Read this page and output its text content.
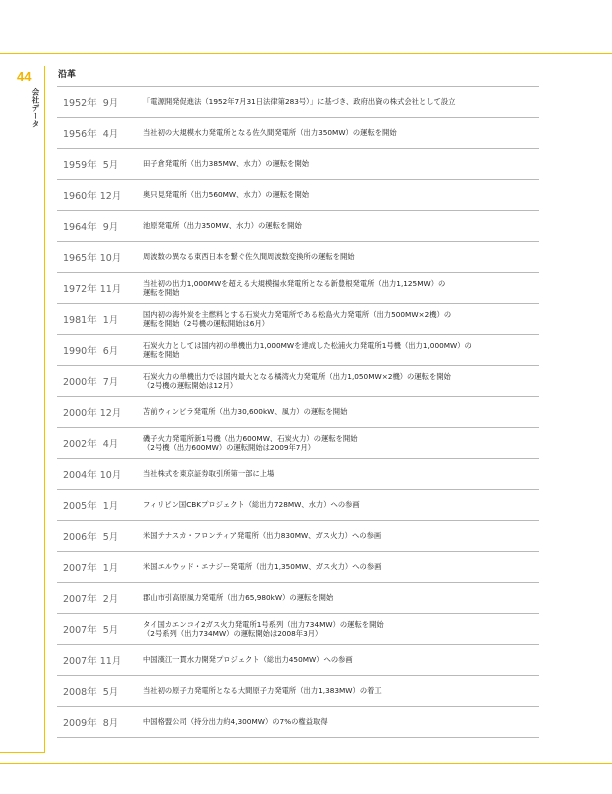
44

会社データ
沿革
1952年  9月	「電源開発促進法（1952年7月31日法律第283号）」に基づき、政府出資の株式会社として設立
1956年  4月	当社初の大規模水力発電所となる佐久間発電所（出力350MW）の運転を開始
1959年  5月	田子倉発電所（出力385MW、水力）の運転を開始
1960年 12月	奥只見発電所（出力560MW、水力）の運転を開始
1964年  9月	池原発電所（出力350MW、水力）の運転を開始
1965年 10月	周波数の異なる東西日本を繋ぐ佐久間周波数変換所の運転を開始
1972年 11月	当社初の出力1,000MWを超える大規模揚水発電所となる新豊根発電所（出力1,125MW）の
運転を開始
1981年  1月	国内初の海外炭を主燃料とする石炭火力発電所である松島火力発電所（出力500MW×2機）の
運転を開始（2号機の運転開始は6月）
1990年  6月	石炭火力としては国内初の単機出力1,000MWを達成した松浦火力発電所1号機（出力1,000MW）の
運転を開始
2000年  7月	石炭火力の単機出力では国内最大となる橘湾火力発電所（出力1,050MW×2機）の運転を開始
（2号機の運転開始は12月）
2000年 12月	苫前ウィンビラ発電所（出力30,600kW、風力）の運転を開始
2002年  4月	磯子火力発電所新1号機（出力600MW、石炭火力）の運転を開始
（2号機（出力600MW）の運転開始は2009年7月）
2004年 10月	当社株式を東京証券取引所第一部に上場
2005年  1月	フィリピン国CBKプロジェクト（総出力728MW、水力）への参画
2006年  5月	米国テナスカ・フロンティア発電所（出力830MW、ガス火力）への参画
2007年  1月	米国エルウッド・エナジー発電所（出力1,350MW、ガス火力）への参画
2007年  2月	郡山市引高原風力発電所（出力65,980kW）の運転を開始
2007年  5月	タイ国カエンコイ2ガス火力発電所1号系列（出力734MW）の運転を開始
（2号系列（出力734MW）の運転開始は2008年3月）
2007年 11月	中国漢江一貫水力開発プロジェクト（総出力450MW）への参画
2008年  5月	当社初の原子力発電所となる大間原子力発電所（出力1,383MW）の着工
2009年  8月	中国格盟公司（持分出力約4,300MW）の7%の権益取得
